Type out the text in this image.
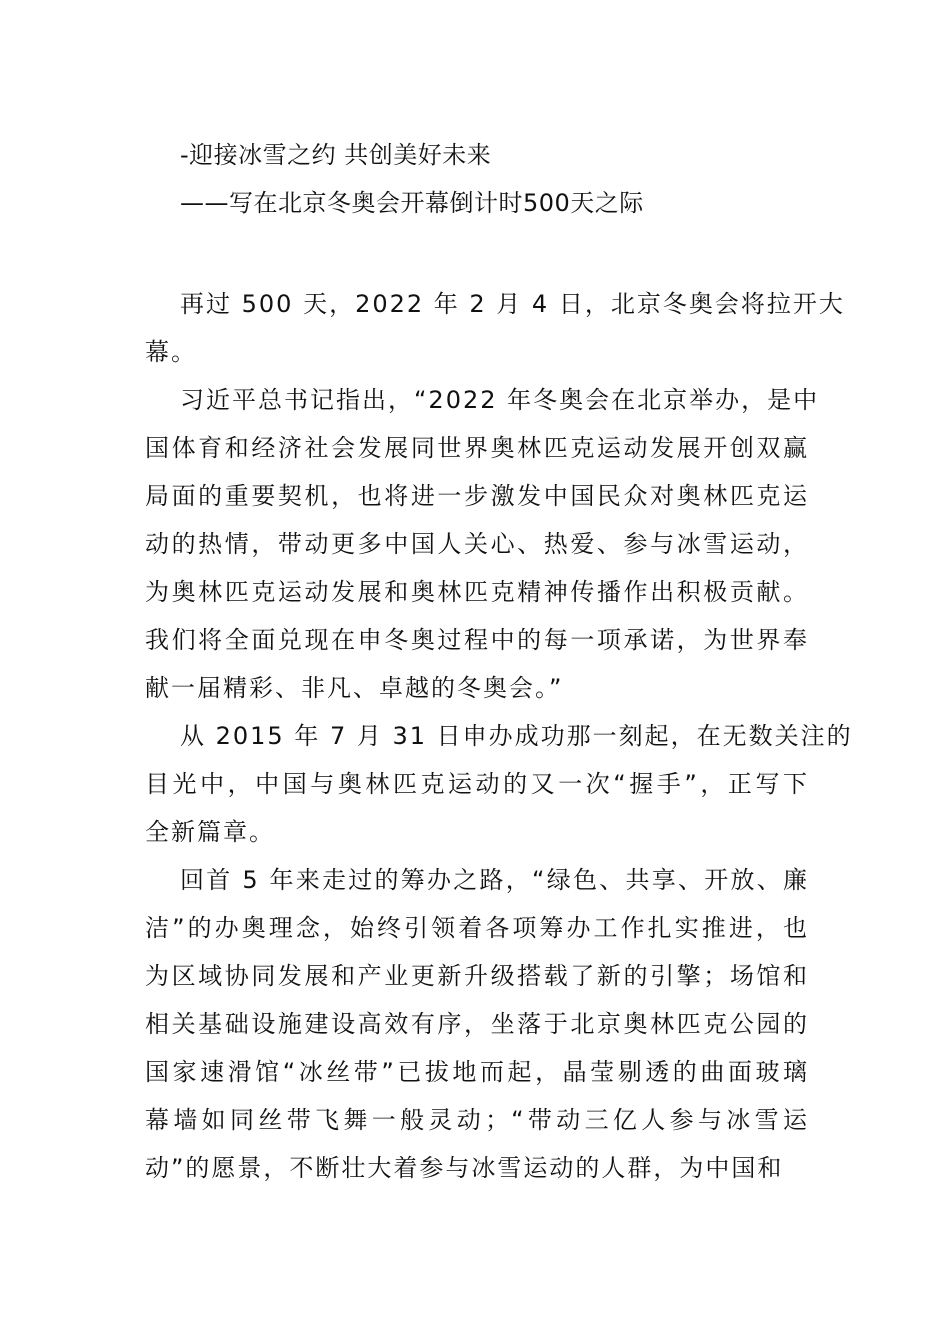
-迎接冰雪之约 共创美好未来
——写在北京冬奥会开幕倒计时500天之际
再过 500 天，2022 年 2 月 4 日，北京冬奥会将拉开大
幕。
习近平总书记指出，“2022 年冬奥会在北京举办，是中
国体育和经济社会发展同世界奥林匹克运动发展开创双赢
局面的重要契机，也将进一步激发中国民众对奥林匹克运
动的热情，带动更多中国人关心、热爱、参与冰雪运动，
为奥林匹克运动发展和奥林匹克精神传播作出积极贡献。
我们将全面兑现在申冬奥过程中的每一项承诺，为世界奉
献一届精彩、非凡、卓越的冬奥会。”
从 2015 年 7 月 31 日申办成功那一刻起，在无数关注的
目光中，中国与奥林匹克运动的又一次“握手”，正写下
全新篇章。
回首 5 年来走过的筹办之路，“绿色、共享、开放、廉
洁”的办奥理念，始终引领着各项筹办工作扎实推进，也
为区域协同发展和产业更新升级搭载了新的引擎；场馆和
相关基础设施建设高效有序，坐落于北京奥林匹克公园的
国家速滑馆“冰丝带”已拔地而起，晶莹剔透的曲面玻璃
幕墙如同丝带飞舞一般灵动；“带动三亿人参与冰雪运
动”的愿景，不断壮大着参与冰雪运动的人群，为中国和
